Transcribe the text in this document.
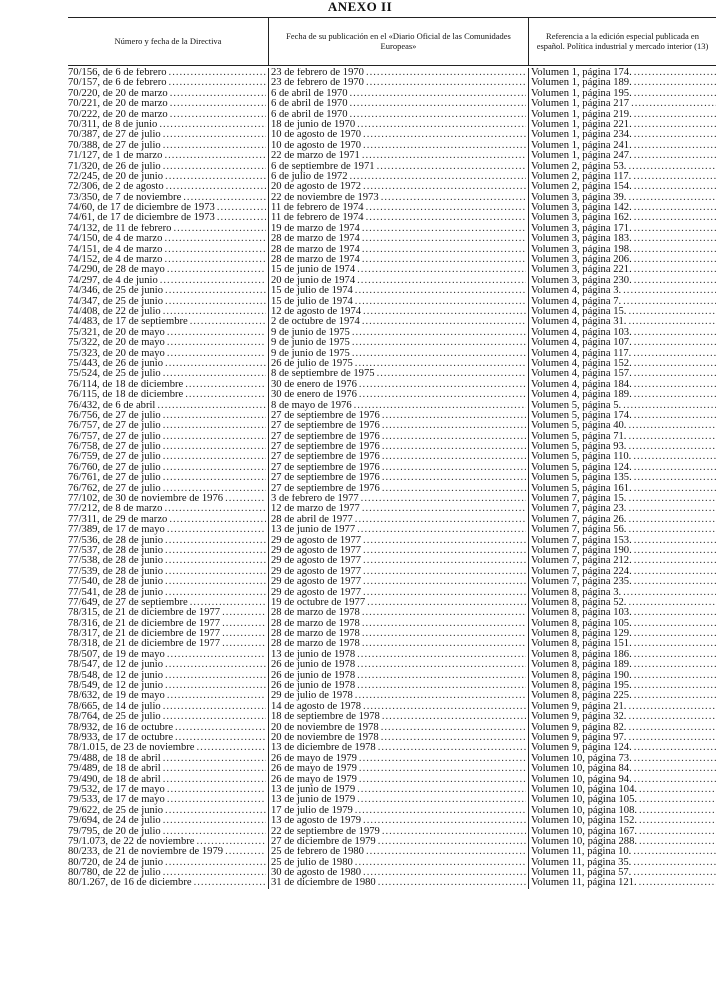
ANEXO II
Número y fecha de la Directiva	Fecha de su publicación en el «Diario Oficial de las Comunidades Europeas»
Referencia a la edición especial publicada en español. Política industrial y mercado interior (13)
70/156, de 6 de febrero .....	23 de febrero de 1970 .....	Volumen 1, página 174.
.....
70/157, de 6 de febrero .....	23 de febrero de 1970 .....	Volumen 1, página 189.
.....
70/220, de 20 de marzo .....	6 de abril de 1970 .....	Volumen 1, página 195.
.....
70/221, de 20 de marzo .....	6 de abril de 1970 .....	Volumen 1, página 217
.....
70/222, de 20 de marzo .....	6 de abril de 1970 .....	Volumen 1, página 219.
.....
70/311, de 8 de junio .....	18 de junio de 1970 .....	Volumen 1, página 221.
.....
70/387, de 27 de julio .....	10 de agosto de 1970 .....	Volumen 1, página 234.
.....
70/388, de 27 de julio .....	10 de agosto de 1970 .....	Volumen 1, página 241.
.....
71/127, de 1 de marzo .....	22 de marzo de 1971 .....	Volumen 1, página 247.
.....
71/320, de 26 de julio .....	6 de septiembre de 1971 .....	Volumen 2, página 53.
.....
72/245, de 20 de junio .....	6 de julio de 1972 .....	Volumen 2, página 117.
.....
72/306, de 2 de agosto .....	20 de agosto de 1972 .....	Volumen 2, página 154.
.....
73/350, de 7 de noviembre .....	22 de noviembre de 1973 .....	Volumen 3, página 39.
.....
74/60, de 17 de diciembre de 1973 .....	11 de febrero de 1974 .....	Volumen 3, página 142.
.....
74/61, de 17 de diciembre de 1973 .....	11 de febrero de 1974 .....	Volumen 3, página 162.
.....
74/132, de 11 de febrero .....	19 de marzo de 1974 .....	Volumen 3, página 171.
.....
74/150, de 4 de marzo .....	28 de marzo de 1974 .....	Volumen 3, página 183.
.....
74/151, de 4 de marzo .....	28 de marzo de 1974 .....	Volumen 3, página 198.
.....
74/152, de 4 de marzo .....	28 de marzo de 1974 .....	Volumen 3, página 206.
.....
74/290, de 28 de mayo .....	15 de junio de 1974 .....	Volumen 3, página 221.
.....
74/297, de 4 de junio .....	20 de junio de 1974 .....	Volumen 3, página 230.
.....
74/346, de 25 de junio .....	15 de julio de 1974 .....	Volumen 4, página 3.
.....
74/347, de 25 de junio .....	15 de julio de 1974 .....	Volumen 4, página 7.
.....
74/408, de 22 de julio .....	12 de agosto de 1974 .....	Volumen 4, página 15.
.....
74/483, de 17 de septiembre .....	2 de octubre de 1974 .....	Volumen 4, página 31.
.....
75/321, de 20 de mayo .....	9 de junio de 1975 .....	Volumen 4, página 103.
.....
75/322, de 20 de mayo .....	9 de junio de 1975 .....	Volumen 4, página 107.
.....
75/323, de 20 de mayo .....	9 de junio de 1975 .....	Volumen 4, página 117.
.....
75/443, de 26 de junio .....	26 de julio de 1975 .....	Volumen 4, página 152.
.....
75/524, de 25 de julio .....	8 de septiembre de 1975 .....	Volumen 4, página 157.
.....
76/114, de 18 de diciembre .....	30 de enero de 1976 .....	Volumen 4, página 184.
.....
76/115, de 18 de diciembre .....	30 de enero de 1976 .....	Volumen 4, página 189.
.....
76/432, de 6 de abril .....	8 de mayo de 1976 .....	Volumen 5, página 5.
.....
76/756, de 27 de julio .....	27 de septiembre de 1976 .....	Volumen 5, página 174.
.....
76/757, de 27 de julio .....	27 de septiembre de 1976 .....	Volumen 5, página 40.
.....
76/757, de 27 de julio .....	27 de septiembre de 1976 .....	Volumen 5, página 71.
.....
76/758, de 27 de julio .....	27 de septiembre de 1976 .....	Volumen 5, página 93.
.....
76/759, de 27 de julio .....	27 de septiembre de 1976 .....	Volumen 5, página 110.
.....
76/760, de 27 de julio .....	27 de septiembre de 1976 .....	Volumen 5, página 124.
.....
76/761, de 27 de julio .....	27 de septiembre de 1976 .....	Volumen 5, página 135.
.....
76/762, de 27 de julio .....	27 de septiembre de 1976 .....	Volumen 5, página 161.
.....
77/102, de 30 de noviembre de 1976 .....	3 de febrero de 1977 .....	Volumen 7, página 15.
.....
77/212, de 8 de marzo .....	12 de marzo de 1977 .....	Volumen 7, página 23.
.....
77/311, de 29 de marzo .....	28 de abril de 1977 .....	Volumen 7, página 26.
.....
77/389, de 17 de mayo .....	13 de junio de 1977 .....	Volumen 7, página 56.
.....
77/536, de 28 de junio .....	29 de agosto de 1977 .....	Volumen 7, página 153.
.....
77/537, de 28 de junio .....	29 de agosto de 1977 .....	Volumen 7, página 190.
.....
77/538, de 28 de junio .....	29 de agosto de 1977 .....	Volumen 7, página 212.
.....
77/539, de 28 de junio .....	29 de agosto de 1977 .....	Volumen 7, página 224.
.....
77/540, de 28 de junio .....	29 de agosto de 1977 .....	Volumen 7, página 235.
.....
77/541, de 28 de junio .....	29 de agosto de 1977 .....	Volumen 8, página 3.
.....
77/649, de 27 de septiembre .....	19 de octubre de 1977 .....	Volumen 8, página 52.
.....
78/315, de 21 de diciembre de 1977 .....	28 de marzo de 1978 .....	Volumen 8, página 103.
.....
78/316, de 21 de diciembre de 1977 .....	28 de marzo de 1978 .....	Volumen 8, página 105.
.....
78/317, de 21 de diciembre de 1977 .....	28 de marzo de 1978 .....	Volumen 8, página 129.
.....
78/318, de 21 de diciembre de 1977 .....	28 de marzo de 1978 .....	Volumen 8, página 151.
.....
78/507, de 19 de mayo .....	13 de junio de 1978 .....	Volumen 8, página 186.
.....
78/547, de 12 de junio .....	26 de junio de 1978 .....	Volumen 8, página 189.
.....
78/548, de 12 de junio .....	26 de junio de 1978 .....	Volumen 8, página 190.
.....
78/549, de 12 de junio .....	26 de junio de 1978 .....	Volumen 8, página 195.
.....
78/632, de 19 de mayo .....	29 de julio de 1978 .....	Volumen 8, página 225.
.....
78/665, de 14 de julio .....	14 de agosto de 1978 .....	Volumen 9, página 21.
.....
78/764, de 25 de julio .....	18 de septiembre de 1978 .....	Volumen 9, página 32.
.....
78/932, de 16 de octubre .....	20 de noviembre de 1978 .....	Volumen 9, página 82.
.....
78/933, de 17 de octubre .....	20 de noviembre de 1978 .....	Volumen 9, página 97.
.....
78/1.015, de 23 de noviembre .....	13 de diciembre de 1978 .....	Volumen 9, página 124.
.....
79/488, de 18 de abril .....	26 de mayo de 1979 .....	Volumen 10, página 73.
.....
79/489, de 18 de abril .....	26 de mayo de 1979 .....	Volumen 10, página 84.
.....
79/490, de 18 de abril .....	26 de mayo de 1979 .....	Volumen 10, página 94.
.....
79/532, de 17 de mayo .....	13 de junio de 1979 .....	Volumen 10, página 104.
.....
79/533, de 17 de mayo .....	13 de junio de 1979 .....	Volumen 10, página 105.
.....
79/622, de 25 de junio .....	17 de julio de 1979 .....	Volumen 10, página 108.
.....
79/694, de 24 de julio .....	13 de agosto de 1979 .....	Volumen 10, página 152.
.....
79/795, de 20 de julio .....	22 de septiembre de 1979 .....	Volumen 10, página 167.
.....
79/1.073, de 22 de noviembre .....	27 de diciembre de 1979 .....	Volumen 10, página 288.
.....
80/233, de 21 de noviembre de 1979 .....	25 de febrero de 1980 .....	Volumen 11, página 10.
.....
80/720, de 24 de junio .....	25 de julio de 1980 .....	Volumen 11, página 35.
.....
80/780, de 22 de julio .....	30 de agosto de 1980 .....	Volumen 11, página 57.
.....
80/1.267, de 16 de diciembre .....	31 de diciembre de 1980 .....	Volumen 11, página 121.
.....
